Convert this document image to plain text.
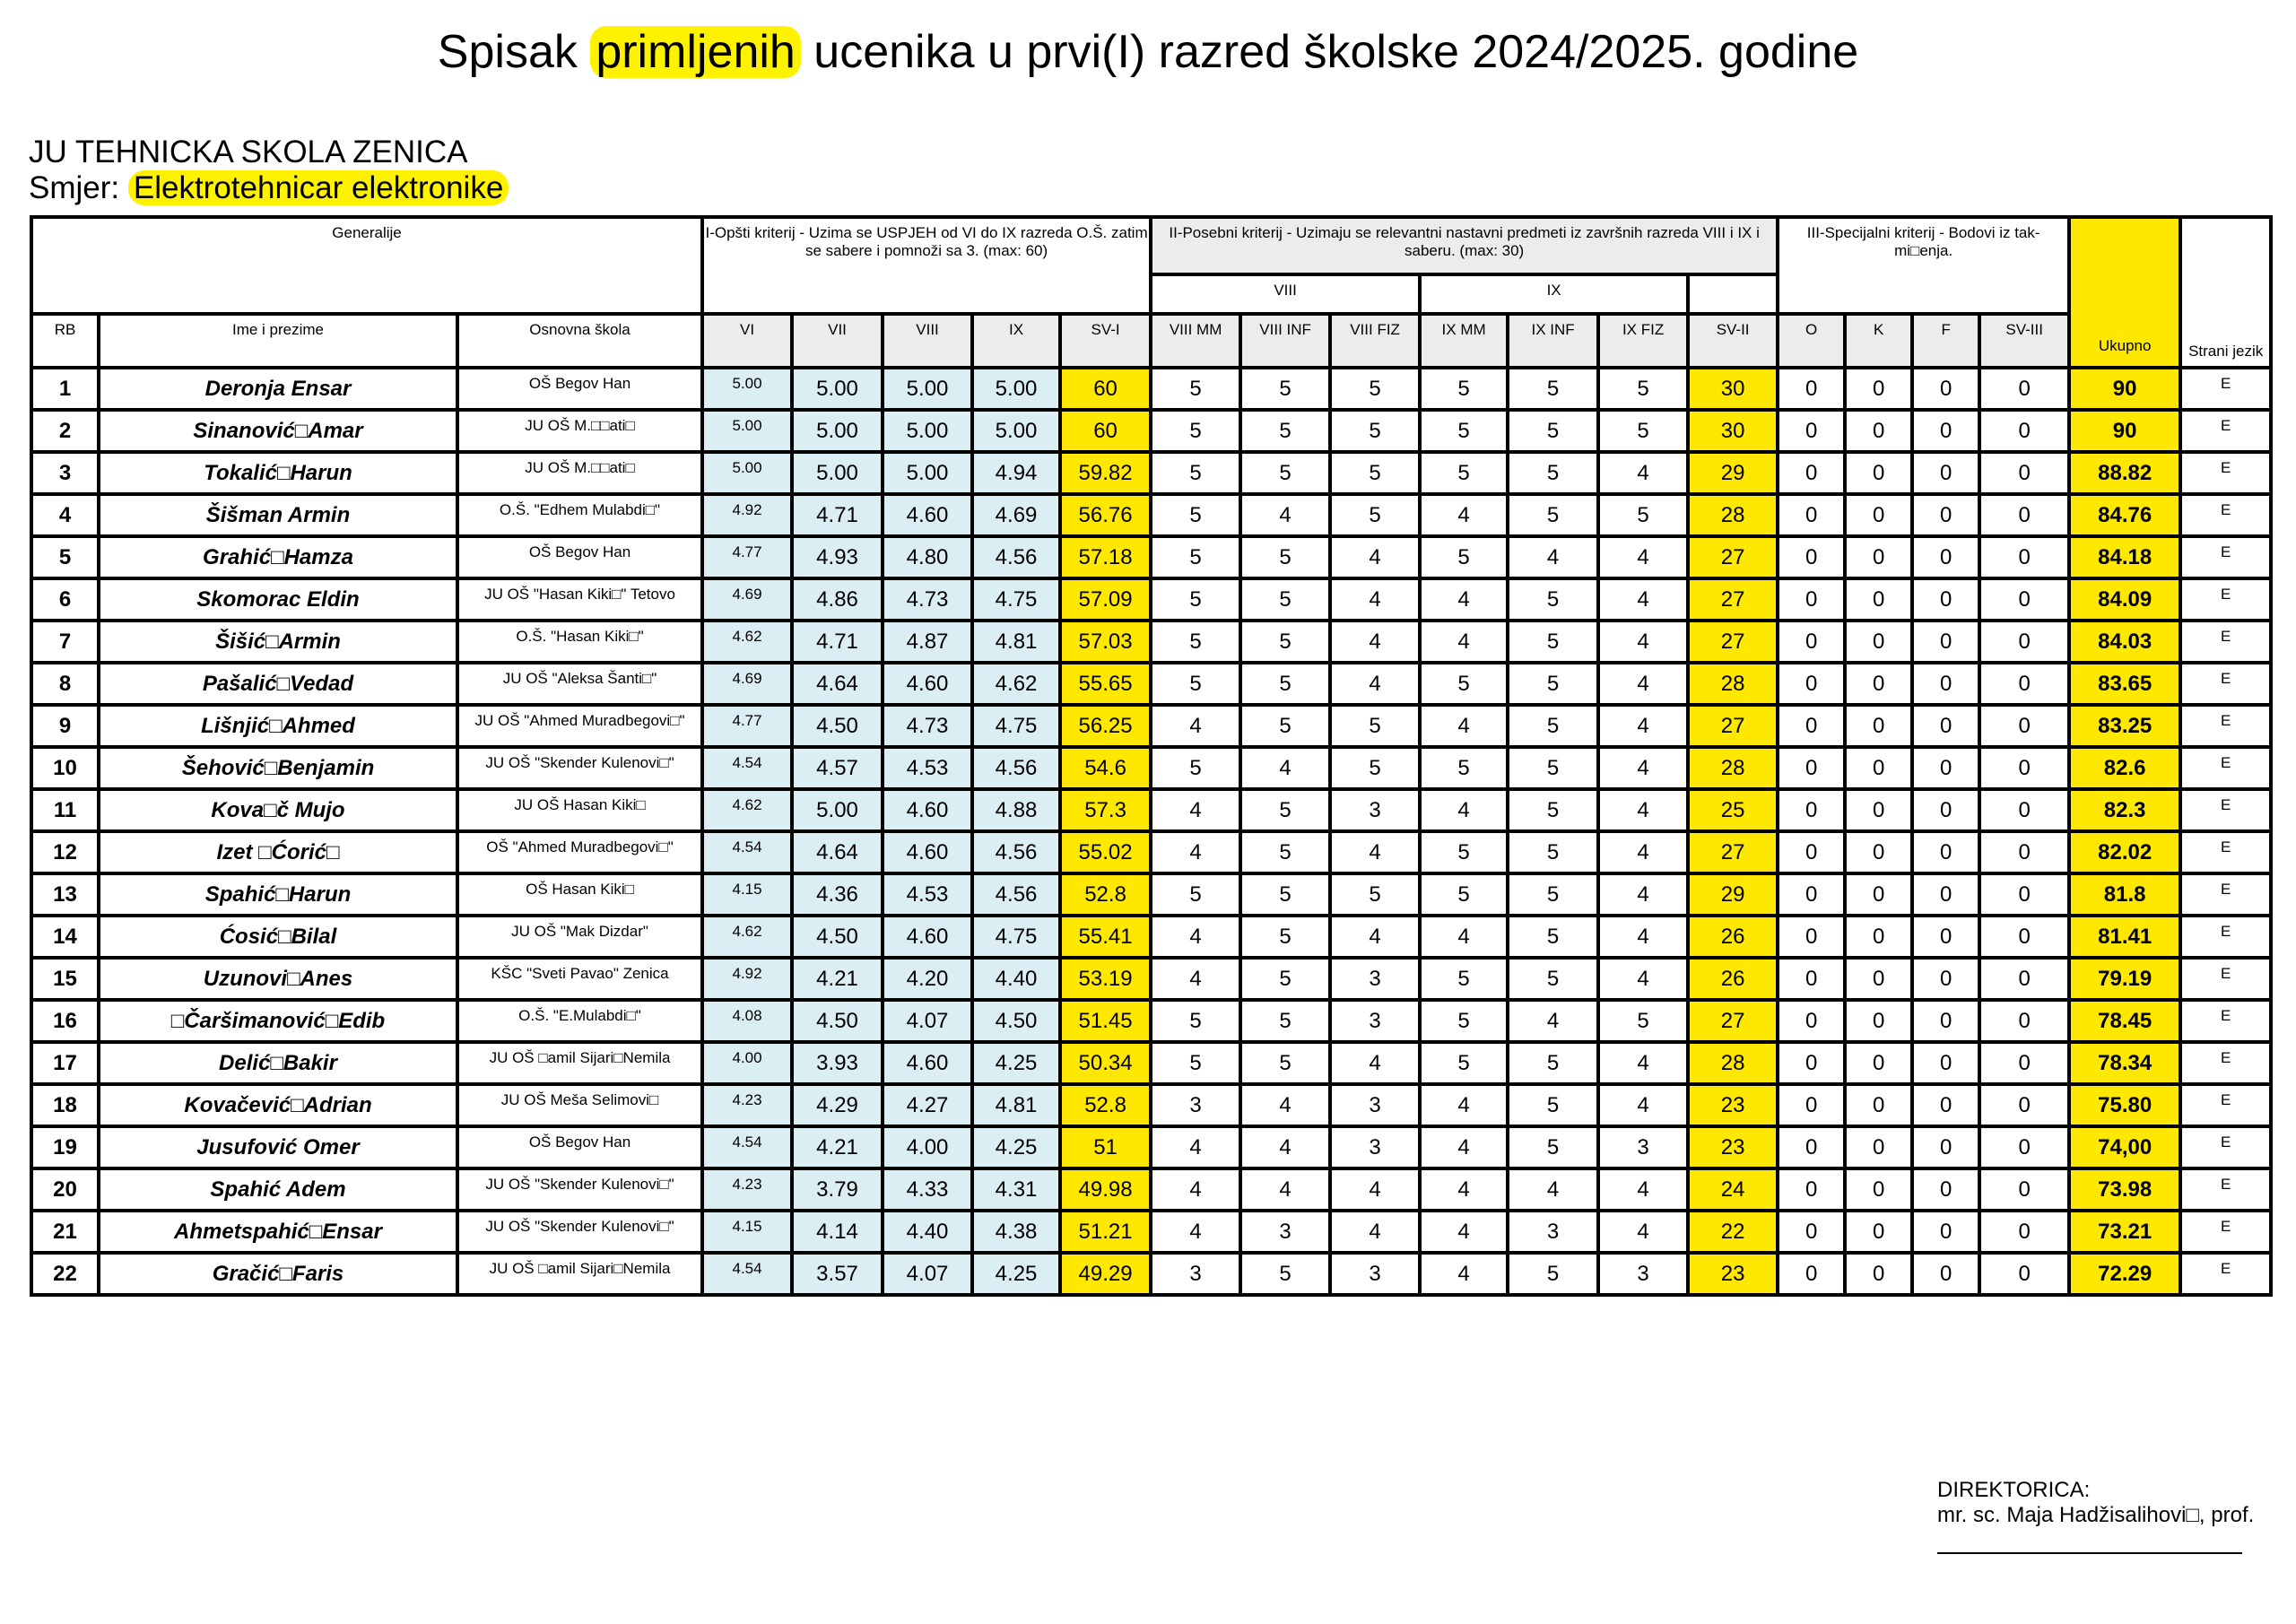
Spisak primljenih ucenika u prvi(I) razred školske 2024/2025. godine
JU TEHNICKA SKOLA ZENICA
Smjer: Elektrotehnicar elektronike
Generalije			I-Opšti kriterij - Uzima se USPJEH od VI do IX razreda O.Š. zatim se sabere i pomnoži sa 3. (max: 60)					II-Posebni kriterij - Uzimaju se relevantni nastavni predmeti iz završnih razreda VIII i IX i saberu. (max: 30)							III-Specijalni kriterij - Bodovi iz tak-mi□enja.				Ukupno	Strani jezik
								VIII			IX									
RB	Ime i prezime	Osnovna škola	VI	VII	VIII	IX	SV-I	VIII MM	VIII INF	VIII FIZ	IX MM	IX INF	IX FIZ	SV-II	O	K	F	SV-III		
1	Deronja Ensar	OŠ Begov Han	5.00	5.00	5.00	5.00	60	5	5	5	5	5	5	30	0	0	0	0	90	E
2	Sinanović□Amar	JU OŠ M.□□ati□	5.00	5.00	5.00	5.00	60	5	5	5	5	5	5	30	0	0	0	0	90	E
3	Tokalić□Harun	JU OŠ M.□□ati□	5.00	5.00	5.00	4.94	59.82	5	5	5	5	5	4	29	0	0	0	0	88.82	E
4	Šišman Armin	O.Š. "Edhem Mulabdi□"	4.92	4.71	4.60	4.69	56.76	5	4	5	4	5	5	28	0	0	0	0	84.76	E
5	Grahić□Hamza	OŠ Begov Han	4.77	4.93	4.80	4.56	57.18	5	5	4	5	4	4	27	0	0	0	0	84.18	E
6	Skomorac Eldin	JU OŠ "Hasan Kiki□" Tetovo	4.69	4.86	4.73	4.75	57.09	5	5	4	4	5	4	27	0	0	0	0	84.09	E
7	Šišić□Armin	O.Š. "Hasan Kiki□"	4.62	4.71	4.87	4.81	57.03	5	5	4	4	5	4	27	0	0	0	0	84.03	E
8	Pašalić□Vedad	JU OŠ "Aleksa Šanti□"	4.69	4.64	4.60	4.62	55.65	5	5	4	5	5	4	28	0	0	0	0	83.65	E
9	Lišnjić□Ahmed	JU OŠ "Ahmed Muradbegovi□"	4.77	4.50	4.73	4.75	56.25	4	5	5	4	5	4	27	0	0	0	0	83.25	E
10	Šehović□Benjamin	JU OŠ "Skender Kulenovi□"	4.54	4.57	4.53	4.56	54.6	5	4	5	5	5	4	28	0	0	0	0	82.6	E
11	Kova□č Mujo	JU OŠ Hasan Kiki□	4.62	5.00	4.60	4.88	57.3	4	5	3	4	5	4	25	0	0	0	0	82.3	E
12	Izet □Ćorić□	OŠ "Ahmed Muradbegovi□"	4.54	4.64	4.60	4.56	55.02	4	5	4	5	5	4	27	0	0	0	0	82.02	E
13	Spahić□Harun	OŠ Hasan Kiki□	4.15	4.36	4.53	4.56	52.8	5	5	5	5	5	4	29	0	0	0	0	81.8	E
14	Ćosić□Bilal	JU OŠ "Mak Dizdar"	4.62	4.50	4.60	4.75	55.41	4	5	4	4	5	4	26	0	0	0	0	81.41	E
15	Uzunovi□Anes	KŠC "Sveti Pavao" Zenica	4.92	4.21	4.20	4.40	53.19	4	5	3	5	5	4	26	0	0	0	0	79.19	E
16	□Čaršimanović□Edib	O.Š. "E.Mulabdi□"	4.08	4.50	4.07	4.50	51.45	5	5	3	5	4	5	27	0	0	0	0	78.45	E
17	Delić□Bakir	JU OŠ □amil Sijari□Nemila	4.00	3.93	4.60	4.25	50.34	5	5	4	5	5	4	28	0	0	0	0	78.34	E
18	Kovačević□Adrian	JU OŠ Meša Selimovi□	4.23	4.29	4.27	4.81	52.8	3	4	3	4	5	4	23	0	0	0	0	75.80	E
19	Jusufović Omer	OŠ Begov Han	4.54	4.21	4.00	4.25	51	4	4	3	4	5	3	23	0	0	0	0	74,00	E
20	Spahić Adem	JU OŠ "Skender Kulenovi□"	4.23	3.79	4.33	4.31	49.98	4	4	4	4	4	4	24	0	0	0	0	73.98	E
21	Ahmetspahić□Ensar	JU OŠ "Skender Kulenovi□"	4.15	4.14	4.40	4.38	51.21	4	3	4	4	3	4	22	0	0	0	0	73.21	E
22	Gračić□Faris	JU OŠ □amil Sijari□Nemila	4.54	3.57	4.07	4.25	49.29	3	5	3	4	5	3	23	0	0	0	0	72.29	E
DIREKTORICA:
mr. sc. Maja Hadžisalihovi□, prof.
